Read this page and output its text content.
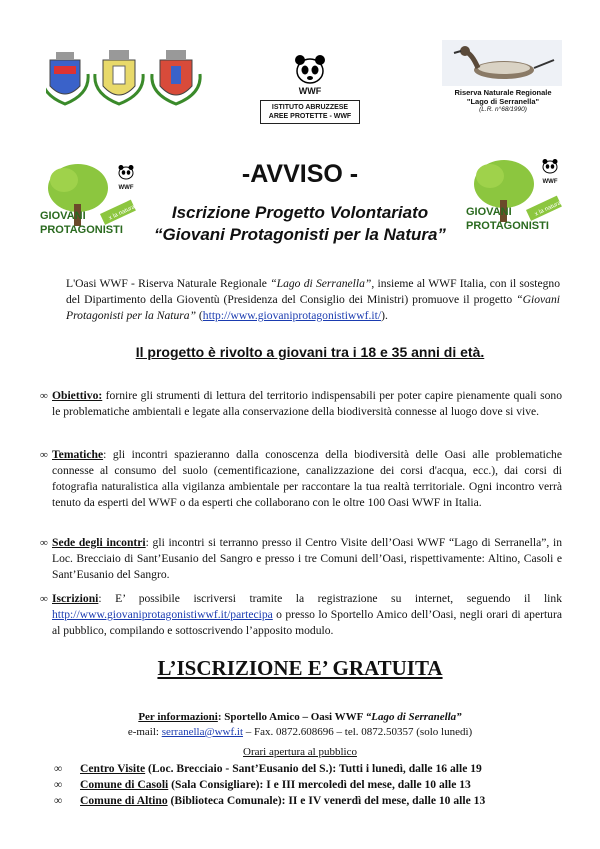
WWF
ISTITUTO ABRUZZESE
AREE PROTETTE - WWF
Riserva Naturale Regionale
"Lago di Serranella"
(L.R. n°68/1990)
GIOVANI
PROTAGONISTI
x la natura
WWF
GIOVANI
PROTAGONISTI
x la natura
WWF
-AVVISO -
Iscrizione Progetto Volontariato
“Giovani Protagonisti per la Natura”
L'Oasi WWF - Riserva Naturale Regionale “Lago di Serranella”, insieme al WWF Italia, con il sostegno del Dipartimento della Gioventù (Presidenza del Consiglio dei Ministri) promuove il progetto “Giovani Protagonisti per la Natura” (http://www.giovaniprotagonistiwwf.it/).
Il progetto è rivolto a giovani tra i 18 e 35 anni di età.
∞ Obiettivo: fornire gli strumenti di lettura del territorio indispensabili per poter capire pienamente quali sono le problematiche ambientali e legate alla conservazione della biodiversità connesse al luogo dove si vive.
∞ Tematiche: gli incontri spazieranno dalla conoscenza della biodiversità delle Oasi alle problematiche connesse al consumo del suolo (cementificazione, canalizzazione dei corsi d'acqua, ecc.), dai corsi di fotografia naturalistica alla vigilanza ambientale per raccontare la tua realtà territoriale. Ogni incontro verrà tenuto da esperti del WWF o da esperti che collaborano con le oltre 100 Oasi WWF in Italia.
∞ Sede degli incontri: gli incontri si terranno presso il Centro Visite dell’Oasi WWF “Lago di Serranella”, in Loc. Brecciaio di Sant’Eusanio del Sangro e presso i tre Comuni dell’Oasi, rispettivamente: Altino, Casoli e Sant’Eusanio del Sangro.
∞ Iscrizioni: E’ possibile iscriversi tramite la registrazione su internet, seguendo il link http://www.giovaniprotagonistiwwf.it/partecipa o presso lo Sportello Amico dell’Oasi, negli orari di apertura al pubblico, compilando e sottoscrivendo l’apposito modulo.
L’ISCRIZIONE E’ GRATUITA
Per informazioni: Sportello Amico – Oasi WWF “Lago di Serranella”
e-mail: serranella@wwf.it – Fax. 0872.608696 – tel. 0872.50357 (solo lunedì)
Orari apertura al pubblico
∞ Centro Visite (Loc. Brecciaio - Sant’Eusanio del S.): Tutti i lunedì, dalle 16 alle 19
∞ Comune di Casoli (Sala Consigliare): I e III mercoledì del mese, dalle 10 alle 13
∞ Comune di Altino (Biblioteca Comunale): II e IV venerdì del mese, dalle 10 alle 13
